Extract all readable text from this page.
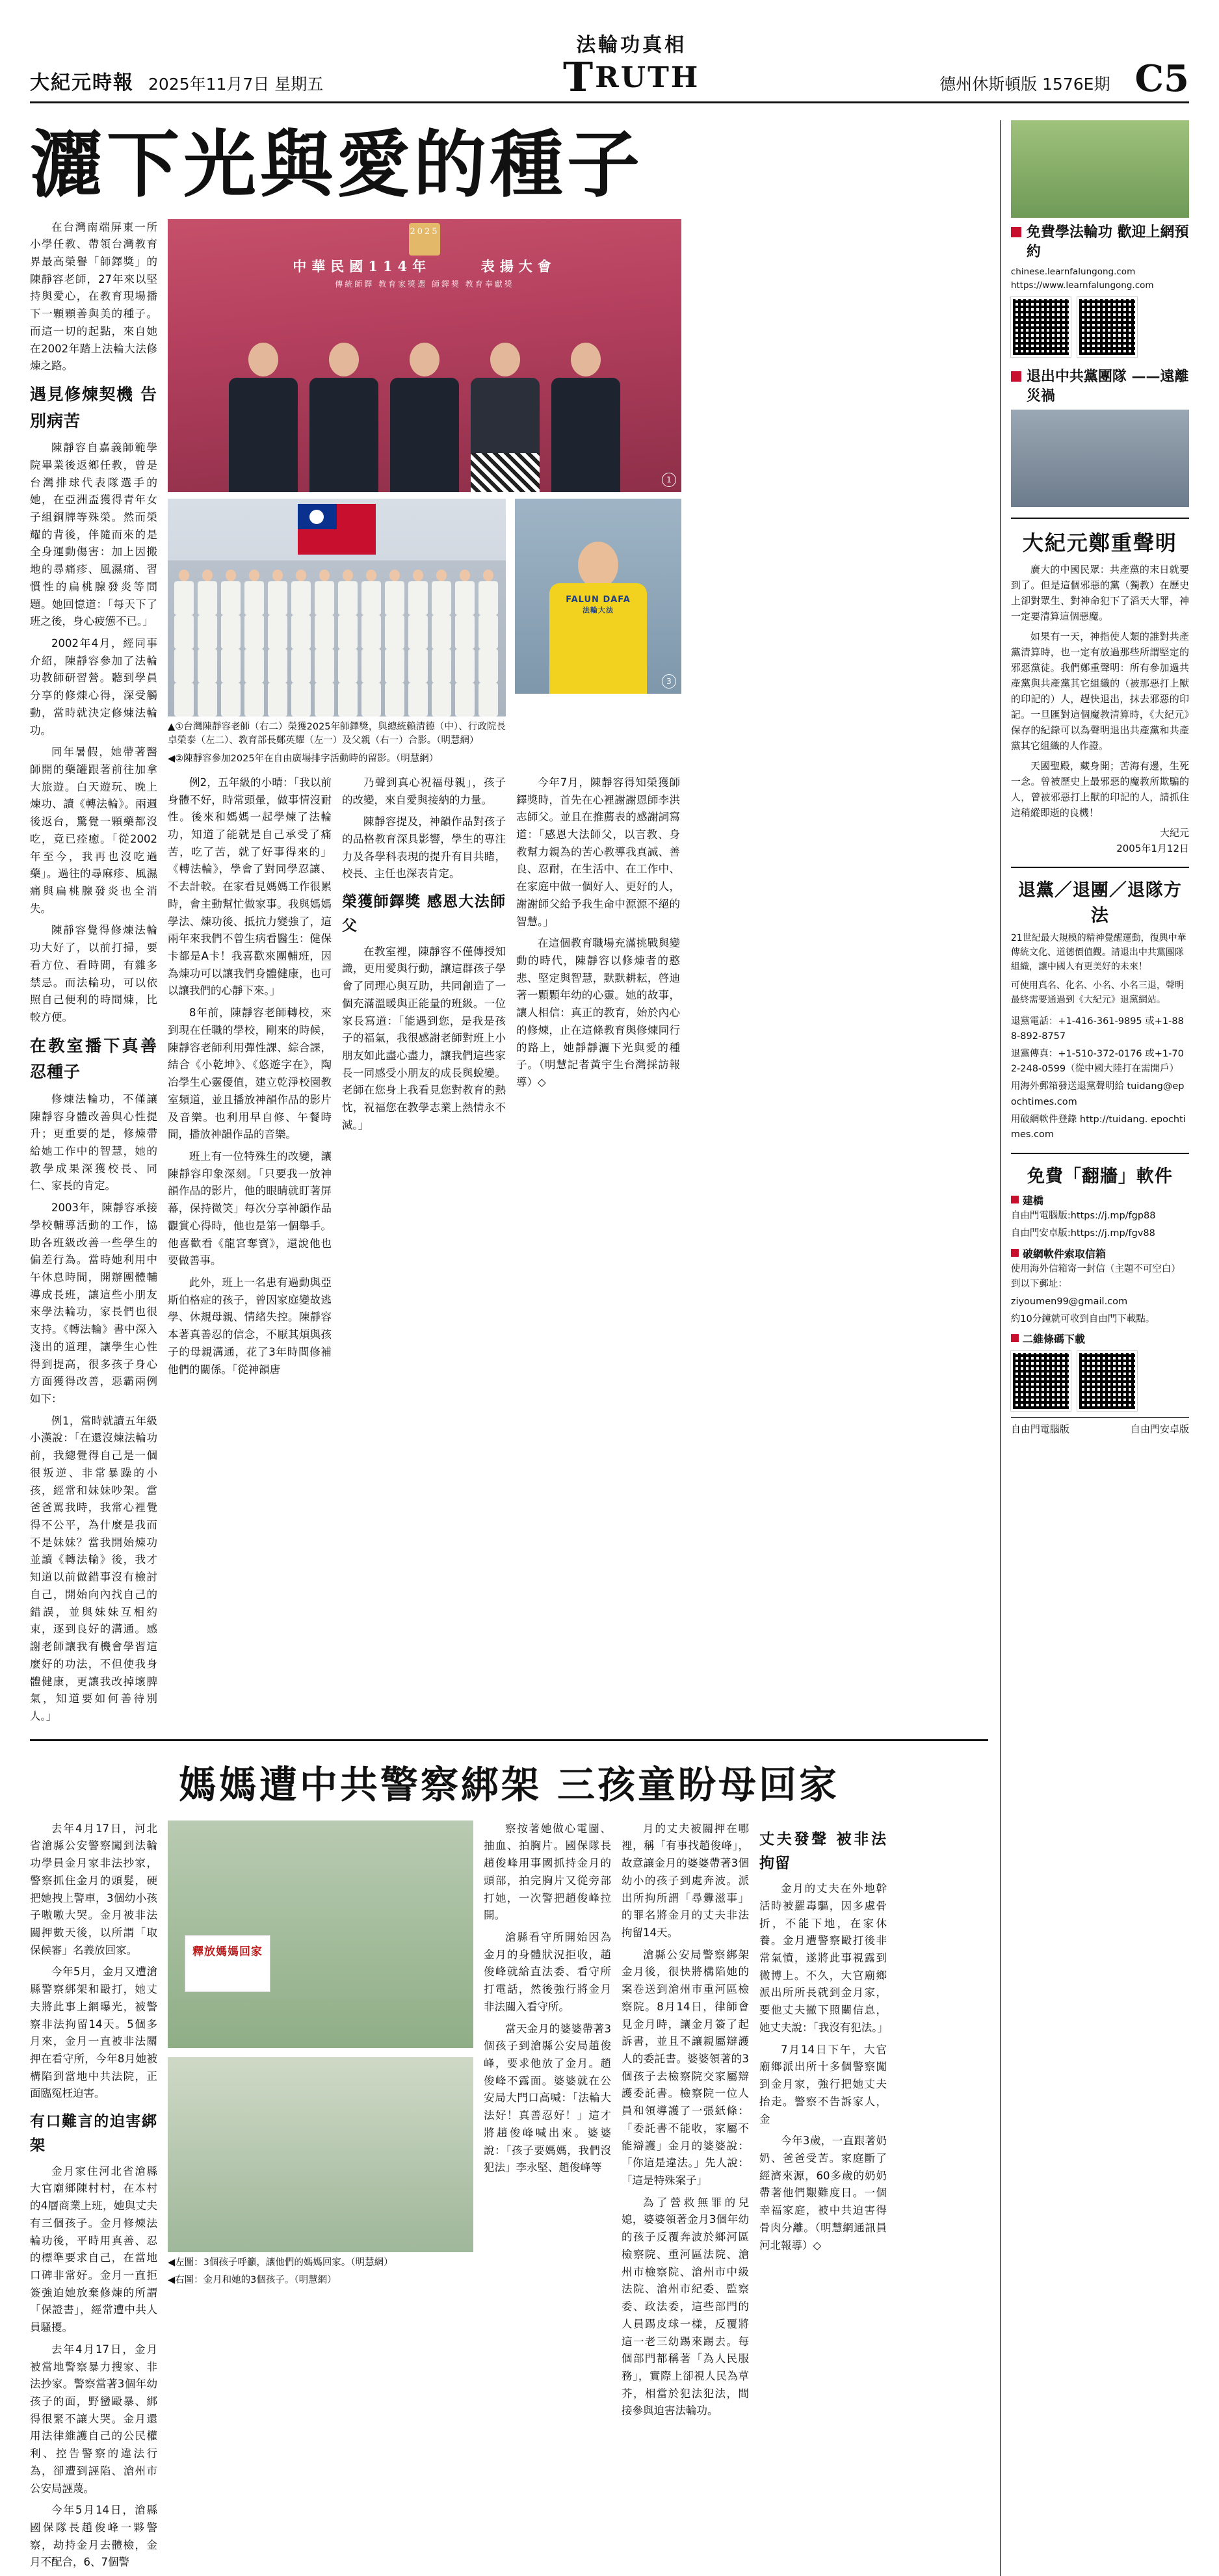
大紀元時報 2025年11月7日 星期五
法輪功真相
TRUTH	德州休斯頓版 1576E期 C5
灑下光與愛的種子

在台灣南端屏東一所小學任教、帶領台灣教育界最高榮譽「師鐸獎」的陳靜容老師，27年來以堅持與愛心，在教育現場播下一顆顆善與美的種子。而這一切的起點，來自她在2002年踏上法輪大法修煉之路。

遇見修煉契機 告別病苦

陳靜容自嘉義師範學院畢業後返鄉任教，曾是台灣排球代表隊選手的她，在亞洲盃獲得青年女子組銅牌等殊榮。然而榮耀的背後，伴隨而來的是全身運動傷害：加上因搬地的尋痛疹、風濕痛、習慣性的扁桃腺發炎等問題。她回憶道：「每天下了班之後，身心疲憊不已。」

2002年4月，經同事介紹，陳靜容參加了法輪功教師研習營。聽到學員分享的修煉心得，深受觸動，當時就決定修煉法輪功。

同年暑假，她帶著醫師開的藥罐跟著前往加拿大旅遊。白天遊玩、晚上煉功、讀《轉法輪》。兩週後返台，驚覺一顆藥都沒吃，竟已痊癒。「從2002年至今，我再也沒吃過藥」。過往的尋麻疹、風濕痛與扁桃腺發炎也全消失。

陳靜容覺得修煉法輪功大好了，以前打掃，要看方位、看時間，有雜多禁忌。而法輪功，可以依照自己便利的時間煉，比較方便。

在教室播下真善忍種子

修煉法輪功，不僅讓陳靜容身體改善與心性提升；更重要的是，修煉帶給她工作中的智慧，她的教學成果深獲校長、同仁、家長的肯定。

2003年，陳靜容承接學校輔導活動的工作，協助各班級改善一些學生的偏差行為。當時她利用中午休息時間，開辦團體輔導成長班，讓這些小朋友來學法輪功，家長們也很支持。《轉法輪》書中深入淺出的道理，讓學生心性得到提高，很多孩子身心方面獲得改善，惡霸兩例如下：

例1，當時就讀五年級小漢說：「在還沒煉法輪功前，我總覺得自己是一個很叛逆、非常暴躁的小孩，經常和妹妹吵架。當爸爸罵我時，我常心裡覺得不公平，為什麼是我而不是妹妹？當我開始煉功並讀《轉法輪》後，我才知道以前做錯事沒有檢討自己，開始向內找自己的錯誤，並與妹妹互相約束，逐到良好的溝通。感謝老師讓我有機會學習這麼好的功法，不但使我身體健康，更讓我改掉壞脾氣，知道要如何善待別人。」

2025
中華民國114年	表揚大會
傳統師鐸 教育家獎選 師鐸獎 教育奉獻獎
1
▲①台灣陳靜容老師（右二）榮獲2025年師鐸獎，與總統賴清德（中）、行政院長卓榮泰（左二）、教育部長鄭英耀（左一）及父親（右一）合影。（明慧網）
◀②陳靜容參加2025年在自由廣場排字活動時的留影。（明慧網）
FALUN DAFA
法輪大法
3

例2，五年級的小晴：「我以前身體不好，時常頭暈，做事情沒耐性。後來和媽媽一起學煉了法輪功，知道了能就是自己承受了痛苦，吃了苦，就了好事得來的」《轉法輪》，學會了對同學忍讓、不去計較。在家看見媽媽工作很累時，會主動幫忙做家事。我與媽媽學法、煉功後、抵抗力變強了，這兩年來我們不曾生病看醫生：健保卡都是A卡！我喜歡來團輔班，因為煉功可以讓我們身體健康，也可以讓我們的心靜下來。」

8年前，陳靜容老師轉校，來到現在任職的學校，剛來的時候，陳靜容老師利用彈性課、綜合課，結合《小乾坤》、《悠遊字在》，陶冶學生心靈優值，建立乾淨校園教室頻道，並且播放神韻作品的影片及音樂。也利用早自修、午餐時間，播放神韻作品的音樂。

班上有一位特殊生的改變，讓陳靜容印象深刻。「只要我一放神韻作品的影片，他的眼睛就盯著屏幕，保持微笑」每次分享神韻作品觀賞心得時，他也是第一個舉手。他喜歡看《龍宮奪寶》，還說他也要做善事。

此外，班上一名患有過動與亞斯伯格症的孩子，曾因家庭變故逃學、休規母親、情緒失控。陳靜容本著真善忍的信念，不厭其煩與孩子的母親溝通，花了3年時間修補他們的關係。「從神韻唐

乃聲到真心祝福母親」，孩子的改變，來自愛與接納的力量。

陳靜容提及，神韻作品對孩子的品格教育深具影響，學生的專注力及各學科表現的提升有目共睹，校長、主任也深表肯定。

榮獲師鐸獎 感恩大法師父

在教室裡，陳靜容不僅傳授知識，更用愛與行動，讓這群孩子學會了同理心與互助，共同創造了一個充滿溫暖與正能量的班級。一位家長寫道：「能遇到您，是我是孩子的福氣，我很感謝老師對班上小朋友如此盡心盡力，讓我們這些家長一同感受小朋友的成長與蛻變。老師在您身上我看見您對教育的熱忱，祝福您在教學志業上熱情永不滅。」

今年7月，陳靜容得知榮獲師鐸獎時，首先在心裡謝謝恩師李洪志師父。並且在推薦表的感謝詞寫道：「感恩大法師父，以言教、身教幫力親為的苦心教導我真誠、善良、忍耐，在生活中、在工作中、在家庭中做一個好人、更好的人，謝謝師父給予我生命中源源不絕的智慧。」

在這個教育職場充滿挑戰與變動的時代，陳靜容以修煉者的憨悲、堅定與智慧，默默耕耘，啓迪著一顆顆年幼的心靈。她的故事，讓人相信：真正的教育，始於內心的修煉，止在這條教育與修煉同行的路上，她靜靜灑下光與愛的種子。（明慧記者黃宇生台灣採訪報導）◇

媽媽遭中共警察綁架 三孩童盼母回家

去年4月17日，河北省滄縣公安警察闖到法輪功學員金月家非法抄家，警察抓住金月的頭髮，硬把她拽上警車，3個幼小孩子嗷嗷大哭。金月被非法關押數天後，以所謂「取保候審」名義放回家。

今年5月，金月又遭滄縣警察綁架和毆打，她丈夫將此事上網曝光，被警察非法拘留14天。5個多月來，金月一直被非法關押在看守所，今年8月她被構陷到當地中共法院，正面臨冤枉迫害。

有口難言的迫害綁架

金月家住河北省滄縣大官廟鄉陳村村，在本村的4層商業上班，她與丈夫有三個孩子。金月修煉法輪功後，平時用真善、忍的標準要求自己，在當地口碑非常好。金月一直拒簽強迫她放棄修煉的所謂「保證書」，經常遭中共人員騷擾。

去年4月17日，金月被當地警察暴力搜家、非法抄家。警察當著3個年幼孩子的面，野蠻毆暴、綁得很緊不讓大哭。金月還用法律維護自己的公民權利、控告警察的違法行為，卻遭到誣陷、滄州市公安局誣蔑。

今年5月14日，滄縣國保隊長趙俊峰一夥警察，劫持金月去體檢，金月不配合，6、7個警

釋放媽媽回家
◀左圖：3個孩子呼籲，讓他們的媽媽回家。（明慧網）
◀右圖：金月和她的3個孩子。（明慧網）

察按著她做心電圖、抽血、拍胸片。國保隊長趙俊峰用事國抓持金月的頭部，拍完胸片又從旁部打她，一次警把趙俊峰拉開。

滄縣看守所開始因為金月的身體狀況拒收，趙俊峰就給直法委、看守所打電話，然後強行將金月非法關入看守所。

當天金月的婆婆帶著3個孩子到滄縣公安局趙俊峰，要求他放了金月。趙俊峰不露面。婆婆就在公安局大門口高喊：「法輪大法好！真善忍好！」這才將趙俊峰喊出來。婆婆說：「孩子要媽媽，我們沒犯法」李永堅、趙俊峰等

月的丈夫被關押在哪裡，稱「有事找趙俊峰」，故意讓金月的婆婆帶著3個幼小的孩子到處奔波。派出所拘所謂「尋釁滋事」的罪名將金月的丈夫非法拘留14天。

滄縣公安局警察綁架金月後，很快將構陷她的案卷送到滄州市重河區檢察院。8月14日，律師會見金月時，讓金月簽了起訴書，並且不讓親屬辯護人的委託書。婆婆領著的3個孩子去檢察院交家屬辯護委託書。檢察院一位人員和領導護了一張紙條：「委託書不能收，家屬不能辯護」金月的婆婆說：「你這是違法。」先人說：「這是特殊案子」

為了營救無罪的兒媳，婆婆領著金月3個年幼的孩子反覆奔波於鄉河區檢察院、重河區法院、滄州市檢察院、滄州市中級法院、滄州市紀委、監察委、政法委，這些部門的人員踢皮球一樣，反覆將這一老三幼踢來踢去。每個部門都稱著「為人民服務」，實際上卻視人民為草芥，相當於犯法犯法，間接參與迫害法輪功。

丈夫發聲 被非法拘留

金月的丈夫在外地幹活時被羅毒驅，因多處骨折，不能下地，在家休養。金月遭警察毆打後非常氣憤，遂將此事視露到微博上。不久，大官廟鄉派出所所長就到金月家，要他丈夫撤下照關信息，她丈夫說：「我沒有犯法。」

7月14日下午，大官廟鄉派出所十多個警察闖到金月家，強行把她丈夫抬走。警察不告訴家人，金

今年3歲，一直跟著奶奶、爸爸受苦。家庭斷了經濟來源，60多歲的奶奶帶著他們艱難度日。一個幸福家庭，被中共迫害得骨肉分離。（明慧網通訊員河北報導）◇

免費學法輪功 歡迎上網預約
chinese.learnfalungong.com
https://www.learnfalungong.com
退出中共黨團隊 ——遠離災禍
大紀元鄭重聲明

廣大的中國民眾：共產黨的末日就要到了。但是這個邪惡的黨（獨教）在歷史上卻對眾生、對神命犯下了滔天大罪，神一定要清算這個惡魔。

如果有一天，神指使人類的誰對共產黨清算時，也一定有放過那些所謂堅定的邪惡黨徒。我們鄭重聲明：所有參加過共產黨與共產黨其它組織的（被那惡打上獸的印記的）人，趕快退出，抹去邪惡的印記。一旦匯對這個魔教清算時，《大紀元》保存的紀錄可以為聲明退出共產黨和共產黨其它組織的人作證。

天國聖殿，藏身開；苦海有邊，生死一念。曾被歷史上最邪惡的魔教所欺騙的人，曾被邪惡打上獸的印記的人，請抓住這稍縱即逝的良機！

大紀元
2005年1月12日
退黨／退團／退隊方法
21世紀最大規模的精神覺醒運動，復興中華傳統文化、道德價值觀。請退出中共黨團隊組織，讓中國人有更美好的未來！
可使用真名、化名、小名、小名三退，聲明最終需要通過到《大紀元》退黨網站。
退黨電話：+1-416-361-9895 或+1-888-892-8757
退黨傳真：+1-510-372-0176 或+1-702-248-0599（從中國大陸打在需開戶）
用海外郵箱發送退黨聲明給 tuidang@epochtimes.com
用破網軟件登錄 http://tuidang. epochtimes.com
免費「翻牆」軟件
建橋
自由門電腦版:https://j.mp/fgp88
自由門安卓版:https://j.mp/fgv88
破網軟件索取信箱
使用海外信箱寄一封信（主題不可空白）到以下郵址：
ziyoumen99@gmail.com
約10分鐘就可收到自由門下載點。
二維條碼下載
自由門電腦版	自由門安卓版
